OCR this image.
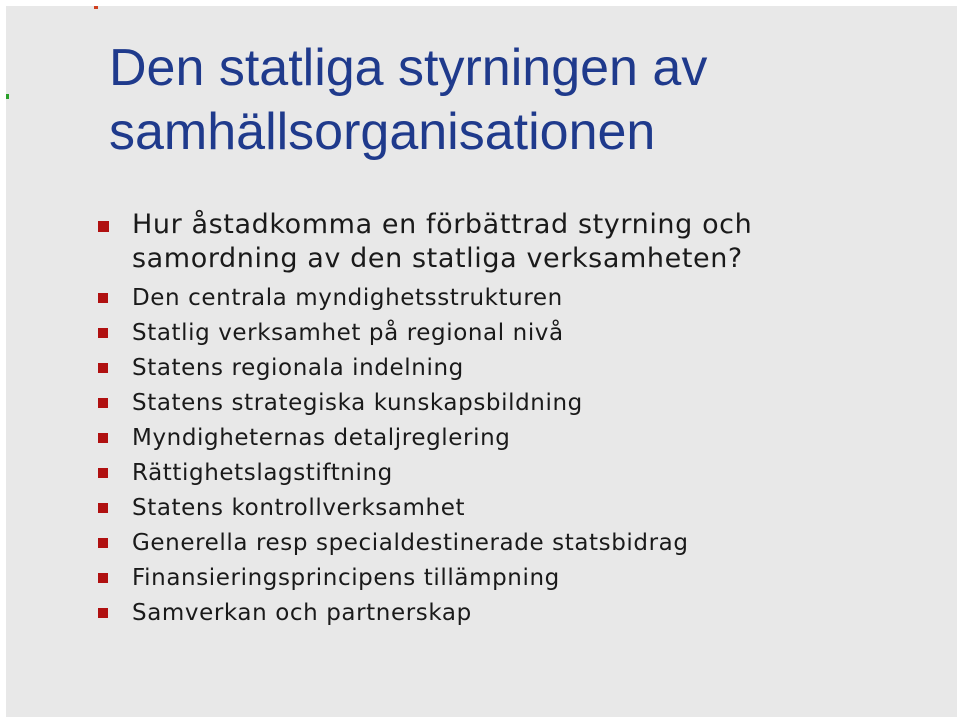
Den statliga styrningen av samhällsorganisationen
Hur åstadkomma en förbättrad styrning och
samordning av den statliga verksamheten?
Den centrala myndighetsstrukturen
Statlig verksamhet på regional nivå
Statens regionala indelning
Statens strategiska kunskapsbildning
Myndigheternas detaljreglering
Rättighetslagstiftning
Statens kontrollverksamhet
Generella resp specialdestinerade statsbidrag
Finansieringsprincipens tillämpning
Samverkan och partnerskap
